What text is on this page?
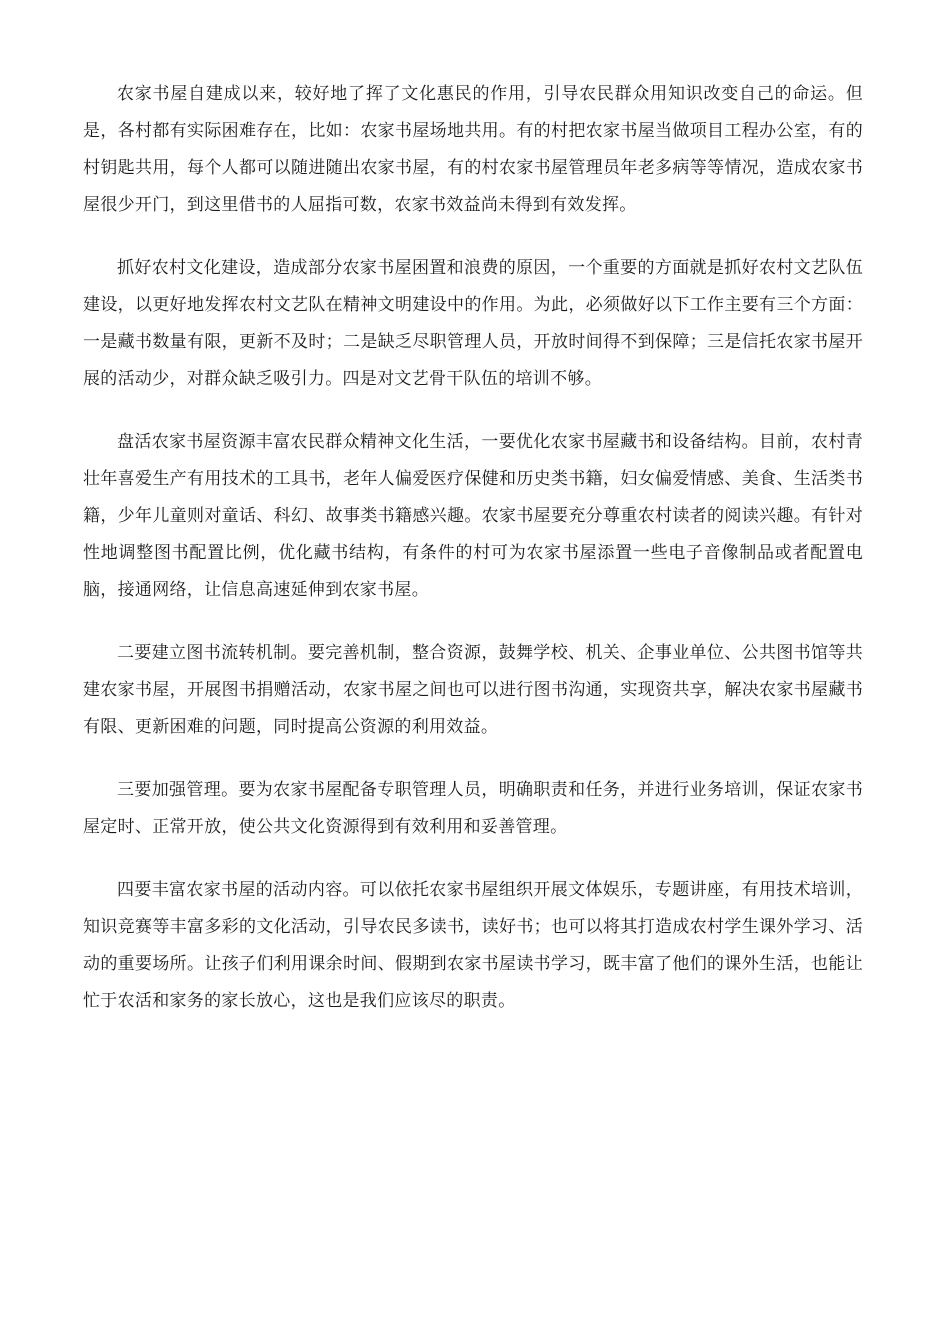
农家书屋自建成以来，较好地了挥了文化惠民的作用，引导农民群众用知识改变自己的命运。但是，各村都有实际困难存在，比如：农家书屋场地共用。有的村把农家书屋当做项目工程办公室，有的村钥匙共用，每个人都可以随进随出农家书屋，有的村农家书屋管理员年老多病等等情况，造成农家书屋很少开门，到这里借书的人屈指可数，农家书效益尚未得到有效发挥。

抓好农村文化建设，造成部分农家书屋困置和浪费的原因，一个重要的方面就是抓好农村文艺队伍建设，以更好地发挥农村文艺队在精神文明建设中的作用。为此，必须做好以下工作主要有三个方面：一是藏书数量有限，更新不及时；二是缺乏尽职管理人员，开放时间得不到保障；三是信托农家书屋开展的活动少，对群众缺乏吸引力。四是对文艺骨干队伍的培训不够。

盘活农家书屋资源丰富农民群众精神文化生活，一要优化农家书屋藏书和设备结构。目前，农村青壮年喜爱生产有用技术的工具书，老年人偏爱医疗保健和历史类书籍，妇女偏爱情感、美食、生活类书籍，少年儿童则对童话、科幻、故事类书籍感兴趣。农家书屋要充分尊重农村读者的阅读兴趣。有针对性地调整图书配置比例，优化藏书结构，有条件的村可为农家书屋添置一些电子音像制品或者配置电脑，接通网络，让信息高速延伸到农家书屋。

二要建立图书流转机制。要完善机制，整合资源，鼓舞学校、机关、企事业单位、公共图书馆等共建农家书屋，开展图书捐赠活动，农家书屋之间也可以进行图书沟通，实现资共享，解决农家书屋藏书有限、更新困难的问题，同时提高公资源的利用效益。

三要加强管理。要为农家书屋配备专职管理人员，明确职责和任务，并进行业务培训，保证农家书屋定时、正常开放，使公共文化资源得到有效利用和妥善管理。

四要丰富农家书屋的活动内容。可以依托农家书屋组织开展文体娱乐，专题讲座，有用技术培训，知识竞赛等丰富多彩的文化活动，引导农民多读书，读好书；也可以将其打造成农村学生课外学习、活动的重要场所。让孩子们利用课余时间、假期到农家书屋读书学习，既丰富了他们的课外生活，也能让忙于农活和家务的家长放心，这也是我们应该尽的职责。
